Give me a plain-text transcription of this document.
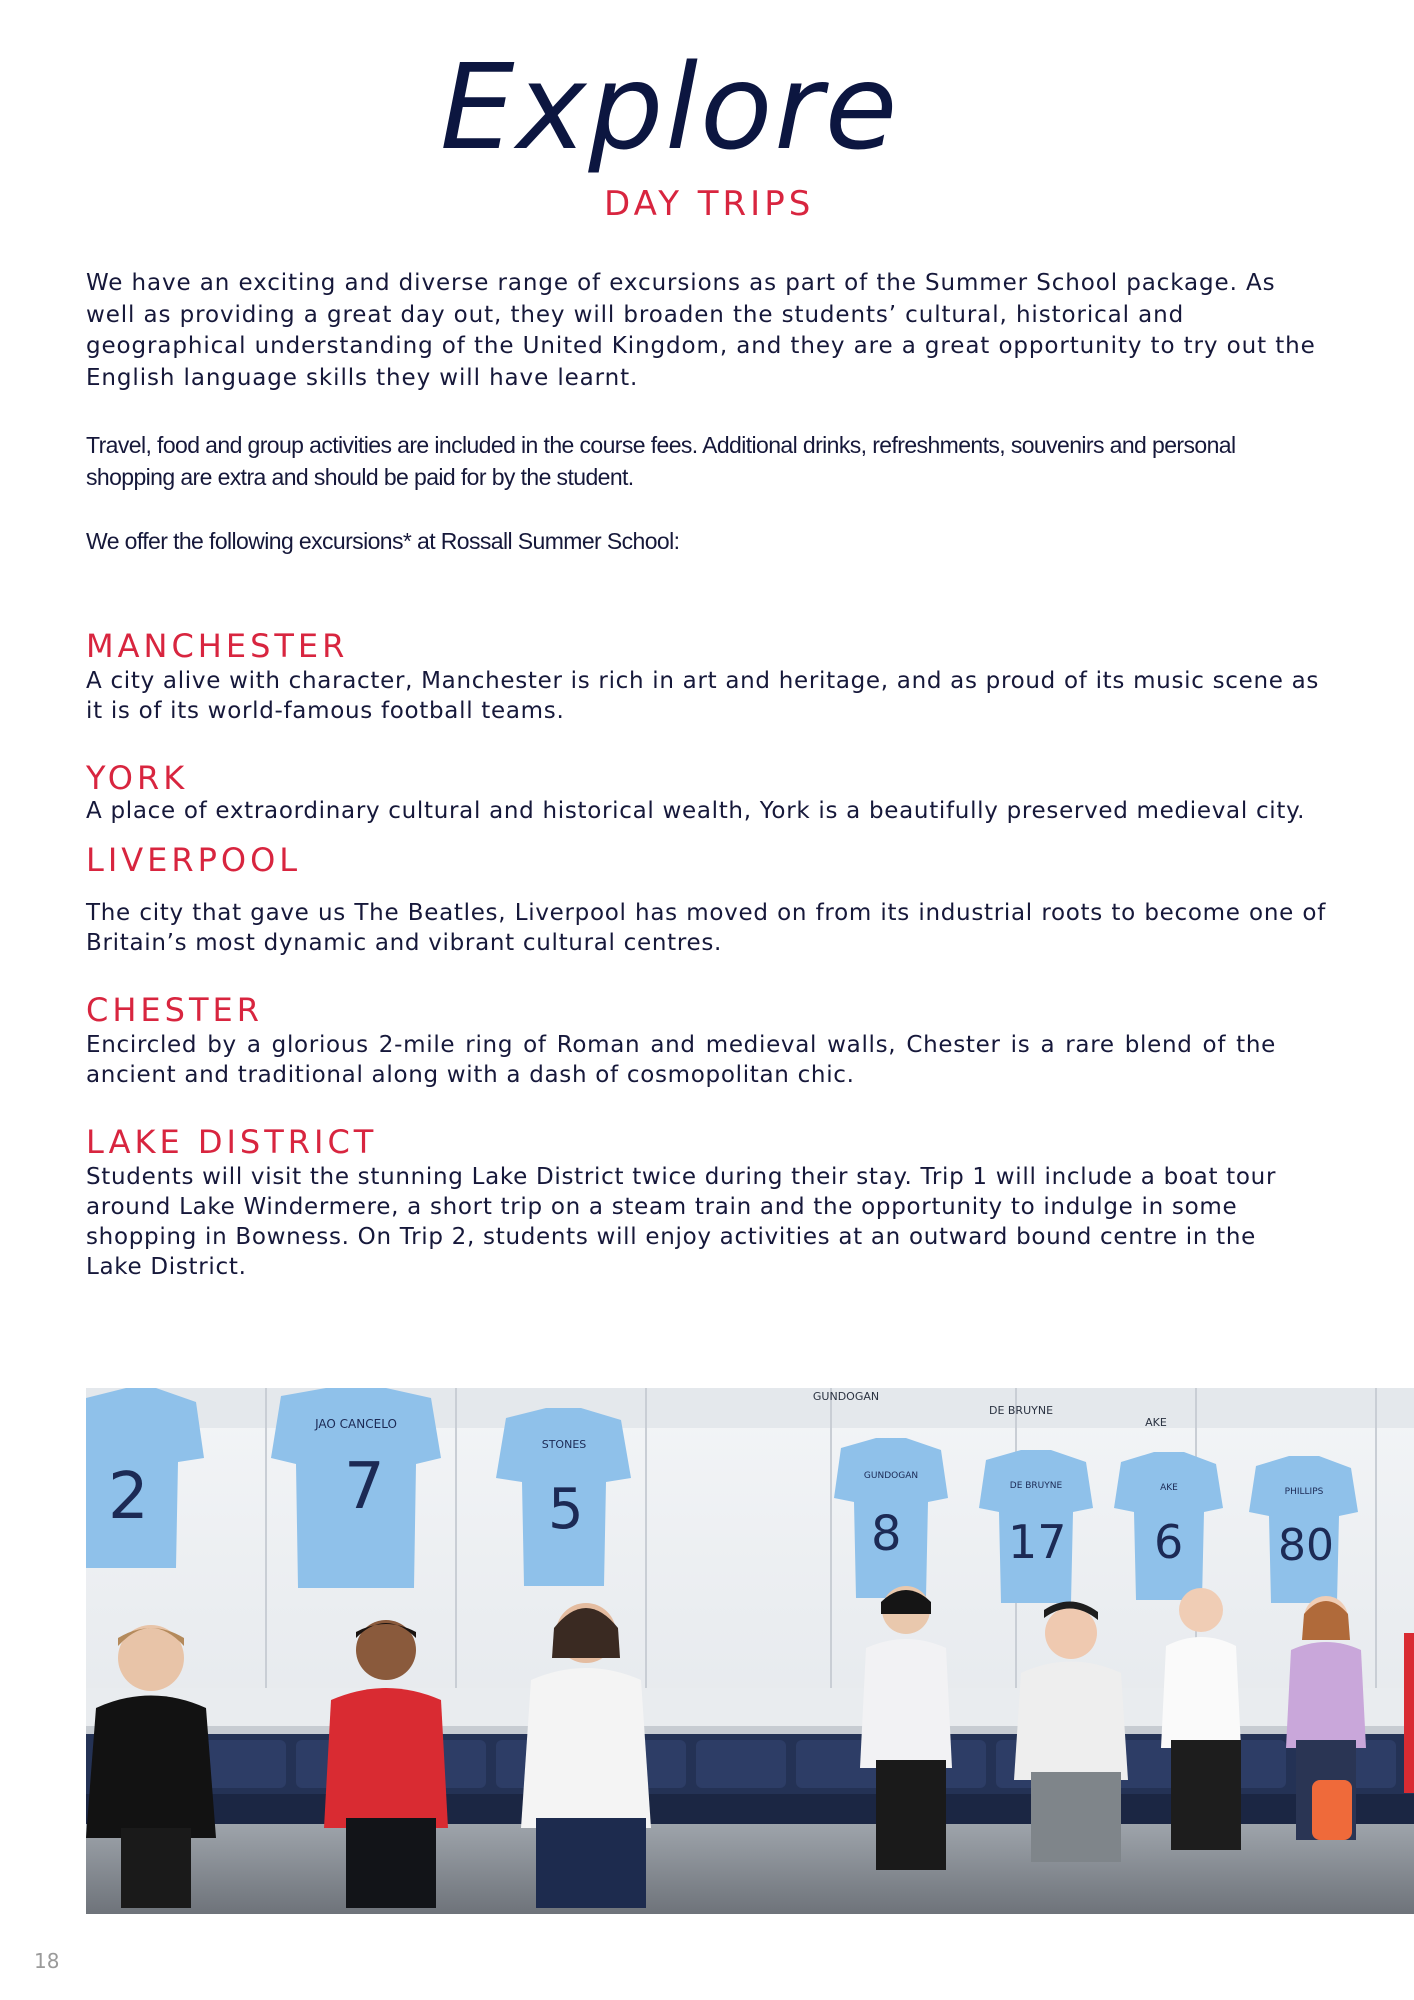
Explore
DAY TRIPS

We have an exciting and diverse range of excursions as part of the Summer School package. As well as providing a great day out, they will broaden the students’ cultural, historical and geographical understanding of the United Kingdom, and they are a great opportunity to try out the English language skills they will have learnt.

Travel, food and group activities are included in the course fees. Additional drinks, refreshments, souvenirs and personal shopping are extra and should be paid for by the student.

We offer the following excursions* at Rossall Summer School:

MANCHESTER

A city alive with character, Manchester is rich in art and heritage, and as proud of its music scene as it is of its world-famous football teams.

YORK

A place of extraordinary cultural and historical wealth, York is a beautifully preserved medieval city.

LIVERPOOL

The city that gave us The Beatles, Liverpool has moved on from its industrial roots to become one of Britain’s most dynamic and vibrant cultural centres.

CHESTER

Encircled by a glorious 2-mile ring of Roman and medieval walls, Chester is a rare blend of the ancient and traditional along with a dash of cosmopolitan chic.

LAKE DISTRICT

Students will visit the stunning Lake District twice during their stay. Trip 1 will include a boat tour around Lake Windermere, a short trip on a steam train and the opportunity to indulge in some shopping in Bowness. On Trip 2, students will enjoy activities at an outward bound centre in the Lake District.

GUNDOGAN
DE BRUYNE
AKE
2
JAO CANCELO
7
STONES
5
GUNDOGAN
8
DE BRUYNE
17
AKE
6
PHILLIPS
80
18
